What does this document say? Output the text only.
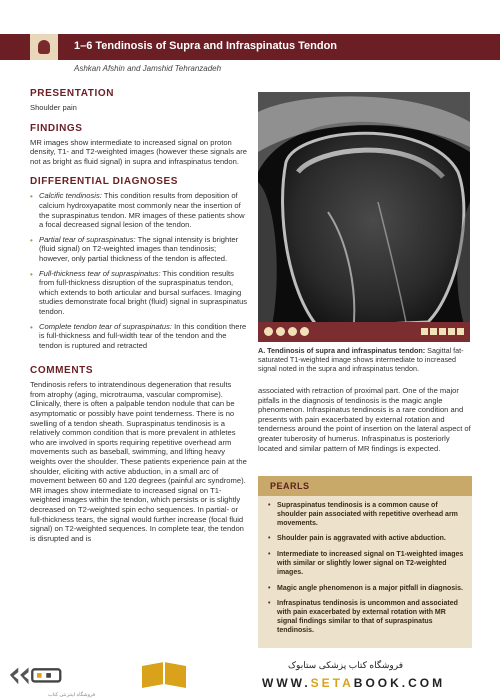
1–6 Tendinosis of Supra and Infraspinatus Tendon
Ashkan Afshin and Jamshid Tehranzadeh
PRESENTATION
Shoulder pain
FINDINGS
MR images show intermediate to increased signal on proton density, T1- and T2-weighted images (however these signals are not as bright as fluid signal) in supra and infraspinatus tendon.
DIFFERENTIAL DIAGNOSES
• Calcific tendinosis: This condition results from deposition of calcium hydroxyapatite most commonly near the insertion of the supraspinatus tendon. MR images of these patients show a focal decreased signal lesion of the tendon.
• Partial tear of supraspinatus: The signal intensity is brighter (fluid signal) on T2-weighted images than tendinosis; however, only partial thickness of the tendon is affected.
• Full-thickness tear of supraspinatus: This condition results from full-thickness disruption of the supraspinatus tendon, which extends to both articular and bursal surfaces. Imaging studies demonstrate focal bright (fluid) signal in supraspinatus tendon.
• Complete tendon tear of supraspinatus: In this condition there is full-thickness and full-width tear of the tendon and the tendon is ruptured and retracted
COMMENTS
Tendinosis refers to intratendinous degeneration that results from atrophy (aging, microtrauma, vascular compromise). Clinically, there is often a palpable tendon nodule that can be asymptomatic or possibly have point tenderness. There is no swelling of a tendon sheath. Supraspinatus tendinosis is a relatively common condition that is more prevalent in athletes who are involved in sports requiring repetitive overhead arm movements such as baseball, swimming, and lifting heavy weights over the shoulder. These patients experience pain at the shoulder, eliciting with active abduction, in a small arc of movement between 60 and 120 degrees (painful arc syndrome). MR images show intermediate to increased signal on T1-weighted images within the tendon, which persists or is slightly decreased on T2-weighted spin echo sequences. In partial- or full-thickness tears, the signal would further increase (focal fluid signal) on T2-weighted sequences. In complete tear, the tendon is disrupted and is
A. Tendinosis of supra and infraspinatus tendon: Sagittal fat-saturated T1-weighted image shows intermediate to increased signal noted in the supra and infraspinatus tendon.
associated with retraction of proximal part. One of the major pitfalls in the diagnosis of tendinosis is the magic angle phenomenon. Infraspinatus tendinosis is a rare condition and presents with pain exacerbated by external rotation and tenderness around the point of insertion on the lateral aspect of greater tuberosity of humerus. Infraspinatus is posteriorly located and similar pattern of MR findings is expected.
PEARLS
• Supraspinatus tendinosis is a common cause of shoulder pain associated with repetitive overhead arm movements.
• Shoulder pain is aggravated with active abduction.
• Intermediate to increased signal on T1-weighted images with similar or slightly lower signal on T2-weighted images.
• Magic angle phenomenon is a major pitfall in diagnosis.
• Infraspinatus tendinosis is uncommon and associated with pain exacerbated by external rotation with MR signal findings similar to that of supraspinatus tendinosis.
فروشگاه اینترنتی کتاب
فروشگاه کتاب پزشکی ستابوک
WWW.SETABOOK.COM
